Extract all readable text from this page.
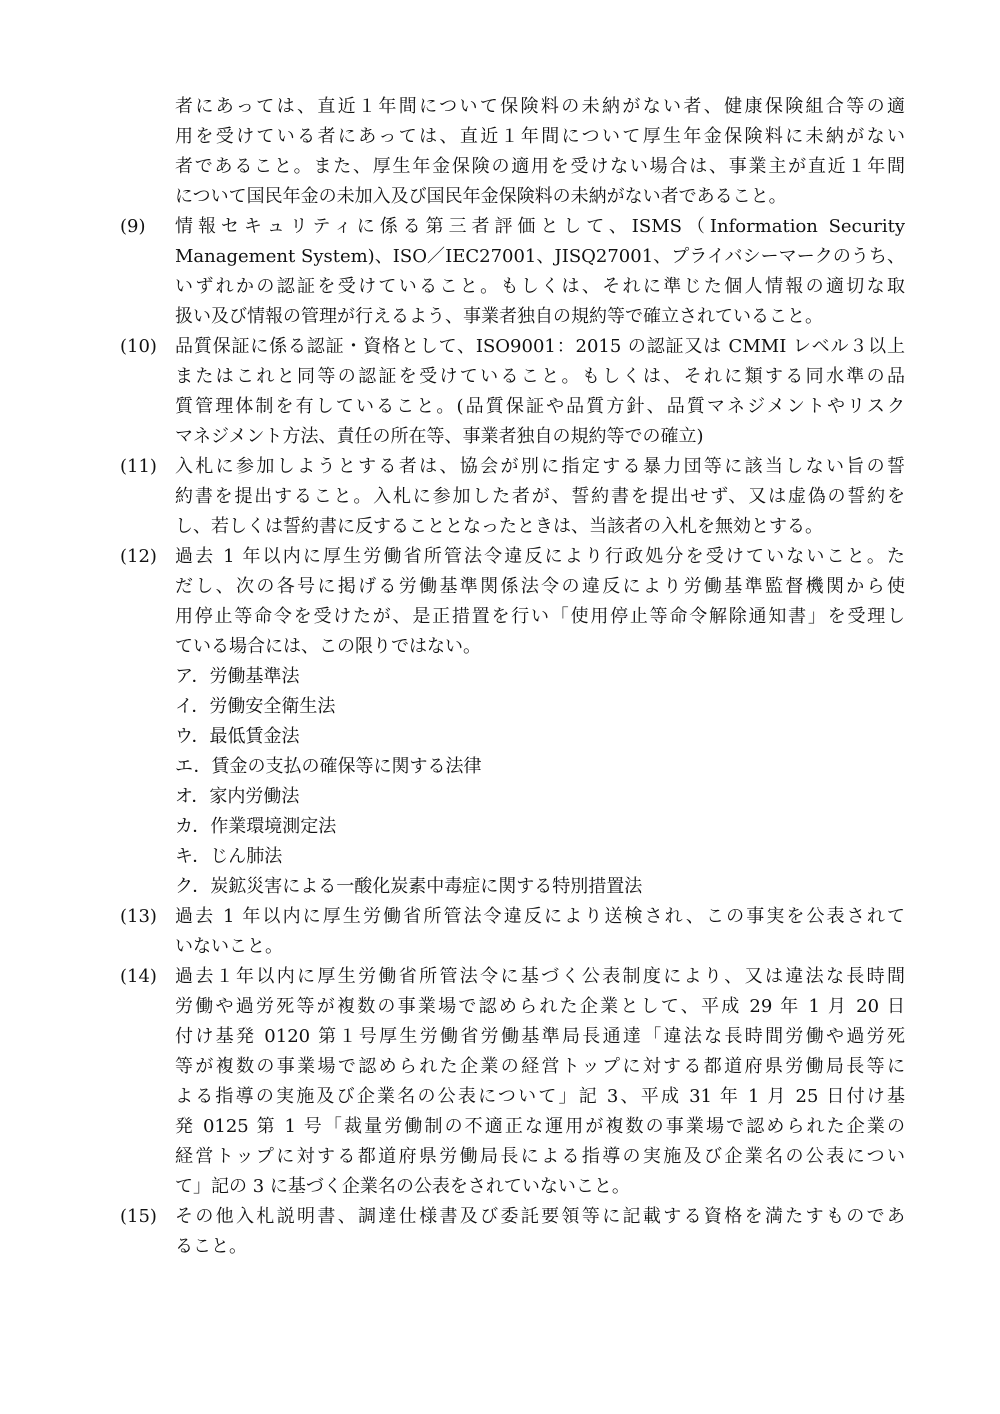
者にあっては、直近１年間について保険料の未納がない者、健康保険組合等の適
用を受けている者にあっては、直近１年間について厚生年金保険料に未納がない
者であること。また、厚生年金保険の適用を受けない場合は、事業主が直近１年間
について国民年金の未加入及び国民年金保険料の未納がない者であること。
(9)	情報セキュリティに係る第三者評価として、ISMS（Information Security
Management System)、ISO／IEC27001、JISQ27001、プライバシーマークのうち、
いずれかの認証を受けていること。もしくは、それに準じた個人情報の適切な取
扱い及び情報の管理が行えるよう、事業者独自の規約等で確立されていること。
(10)	品質保証に係る認証・資格として、ISO9001：2015 の認証又は CMMI レベル３以上
またはこれと同等の認証を受けていること。もしくは、それに類する同水準の品
質管理体制を有していること。(品質保証や品質方針、品質マネジメントやリスク
マネジメント方法、責任の所在等、事業者独自の規約等での確立)
(11)	入札に参加しようとする者は、協会が別に指定する暴力団等に該当しない旨の誓
約書を提出すること。入札に参加した者が、誓約書を提出せず、又は虚偽の誓約を
し、若しくは誓約書に反することとなったときは、当該者の入札を無効とする。
(12)	過去 1 年以内に厚生労働省所管法令違反により行政処分を受けていないこと。た
だし、次の各号に掲げる労働基準関係法令の違反により労働基準監督機関から使
用停止等命令を受けたが、是正措置を行い「使用停止等命令解除通知書」を受理し
ている場合には、この限りではない。
ア．労働基準法
イ．労働安全衛生法
ウ．最低賃金法
エ．賃金の支払の確保等に関する法律
オ．家内労働法
カ．作業環境測定法
キ．じん肺法
ク．炭鉱災害による一酸化炭素中毒症に関する特別措置法
(13)	過去 1 年以内に厚生労働省所管法令違反により送検され、この事実を公表されて
いないこと。
(14)	過去１年以内に厚生労働省所管法令に基づく公表制度により、又は違法な長時間
労働や過労死等が複数の事業場で認められた企業として、平成 29 年 1 月 20 日
付け基発 0120 第１号厚生労働省労働基準局長通達「違法な長時間労働や過労死
等が複数の事業場で認められた企業の経営トップに対する都道府県労働局長等に
よる指導の実施及び企業名の公表について」記 3、平成 31 年 1 月 25 日付け基
発 0125 第 1 号「裁量労働制の不適正な運用が複数の事業場で認められた企業の
経営トップに対する都道府県労働局長による指導の実施及び企業名の公表につい
て」記の 3 に基づく企業名の公表をされていないこと。
(15)	その他入札説明書、調達仕様書及び委託要領等に記載する資格を満たすものであ
ること。
